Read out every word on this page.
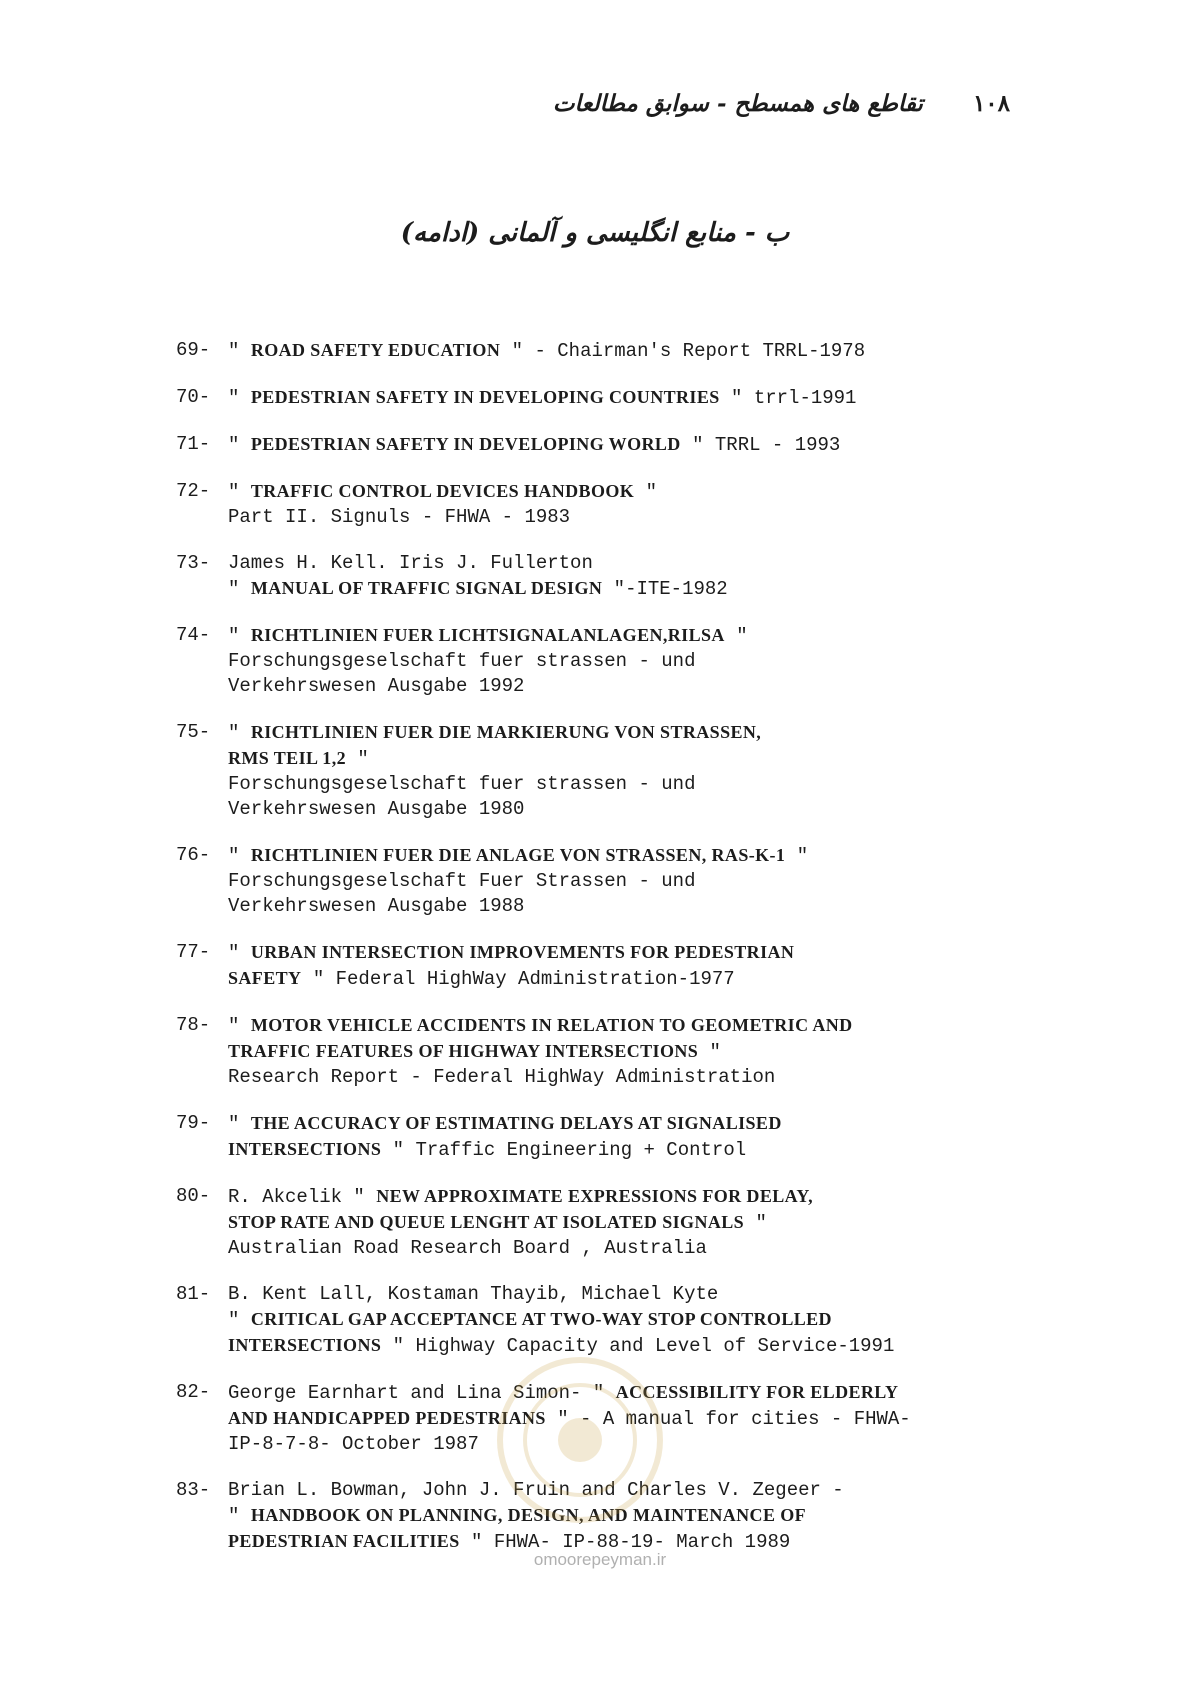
۱۰۸ تقاطع های همسطح - سوابق مطالعات
ب - منابع انگلیسی و آلمانی (ادامه)
69- " ROAD SAFETY EDUCATION " - Chairman's Report TRRL-1978
70- " PEDESTRIAN SAFETY IN DEVELOPING COUNTRIES " trrl-1991
71- " PEDESTRIAN SAFETY IN DEVELOPING WORLD " TRRL - 1993
72- " TRAFFIC CONTROL DEVICES HANDBOOK "
Part II. Signuls - FHWA - 1983
73- James H. Kell. Iris J. Fullerton
" MANUAL OF TRAFFIC SIGNAL DESIGN "-ITE-1982
74- " RICHTLINIEN FUER LICHTSIGNALANLAGEN,RILSA "
Forschungsgeselschaft fuer strassen - und
Verkehrswesen Ausgabe 1992
75- " RICHTLINIEN FUER DIE MARKIERUNG VON STRASSEN,
RMS TEIL 1,2 "
Forschungsgeselschaft fuer strassen - und
Verkehrswesen Ausgabe 1980
76- " RICHTLINIEN FUER DIE ANLAGE VON STRASSEN, RAS-K-1 "
Forschungsgeselschaft Fuer Strassen - und
Verkehrswesen Ausgabe 1988
77- " URBAN INTERSECTION IMPROVEMENTS FOR PEDESTRIAN
SAFETY " Federal HighWay Administration-1977
78- " MOTOR VEHICLE ACCIDENTS IN RELATION TO GEOMETRIC AND
TRAFFIC FEATURES OF HIGHWAY INTERSECTIONS "
Research Report - Federal HighWay Administration
79- " THE ACCURACY OF ESTIMATING DELAYS AT SIGNALISED
INTERSECTIONS " Traffic Engineering + Control
80- R. Akcelik " NEW APPROXIMATE EXPRESSIONS FOR DELAY,
STOP RATE AND QUEUE LENGHT AT ISOLATED SIGNALS "
Australian Road Research Board , Australia
81- B. Kent Lall, Kostaman Thayib, Michael Kyte
" CRITICAL GAP ACCEPTANCE AT TWO-WAY STOP CONTROLLED
INTERSECTIONS " Highway Capacity and Level of Service-1991
82- George Earnhart and Lina Simon- " ACCESSIBILITY FOR ELDERLY
AND HANDICAPPED PEDESTRIANS " - A manual for cities - FHWA-
IP-8-7-8- October 1987
83- Brian L. Bowman, John J. Fruin and Charles V. Zegeer -
" HANDBOOK ON PLANNING, DESIGN, AND MAINTENANCE OF
PEDESTRIAN FACILITIES " FHWA- IP-88-19- March 1989
omoorepeyman.ir
